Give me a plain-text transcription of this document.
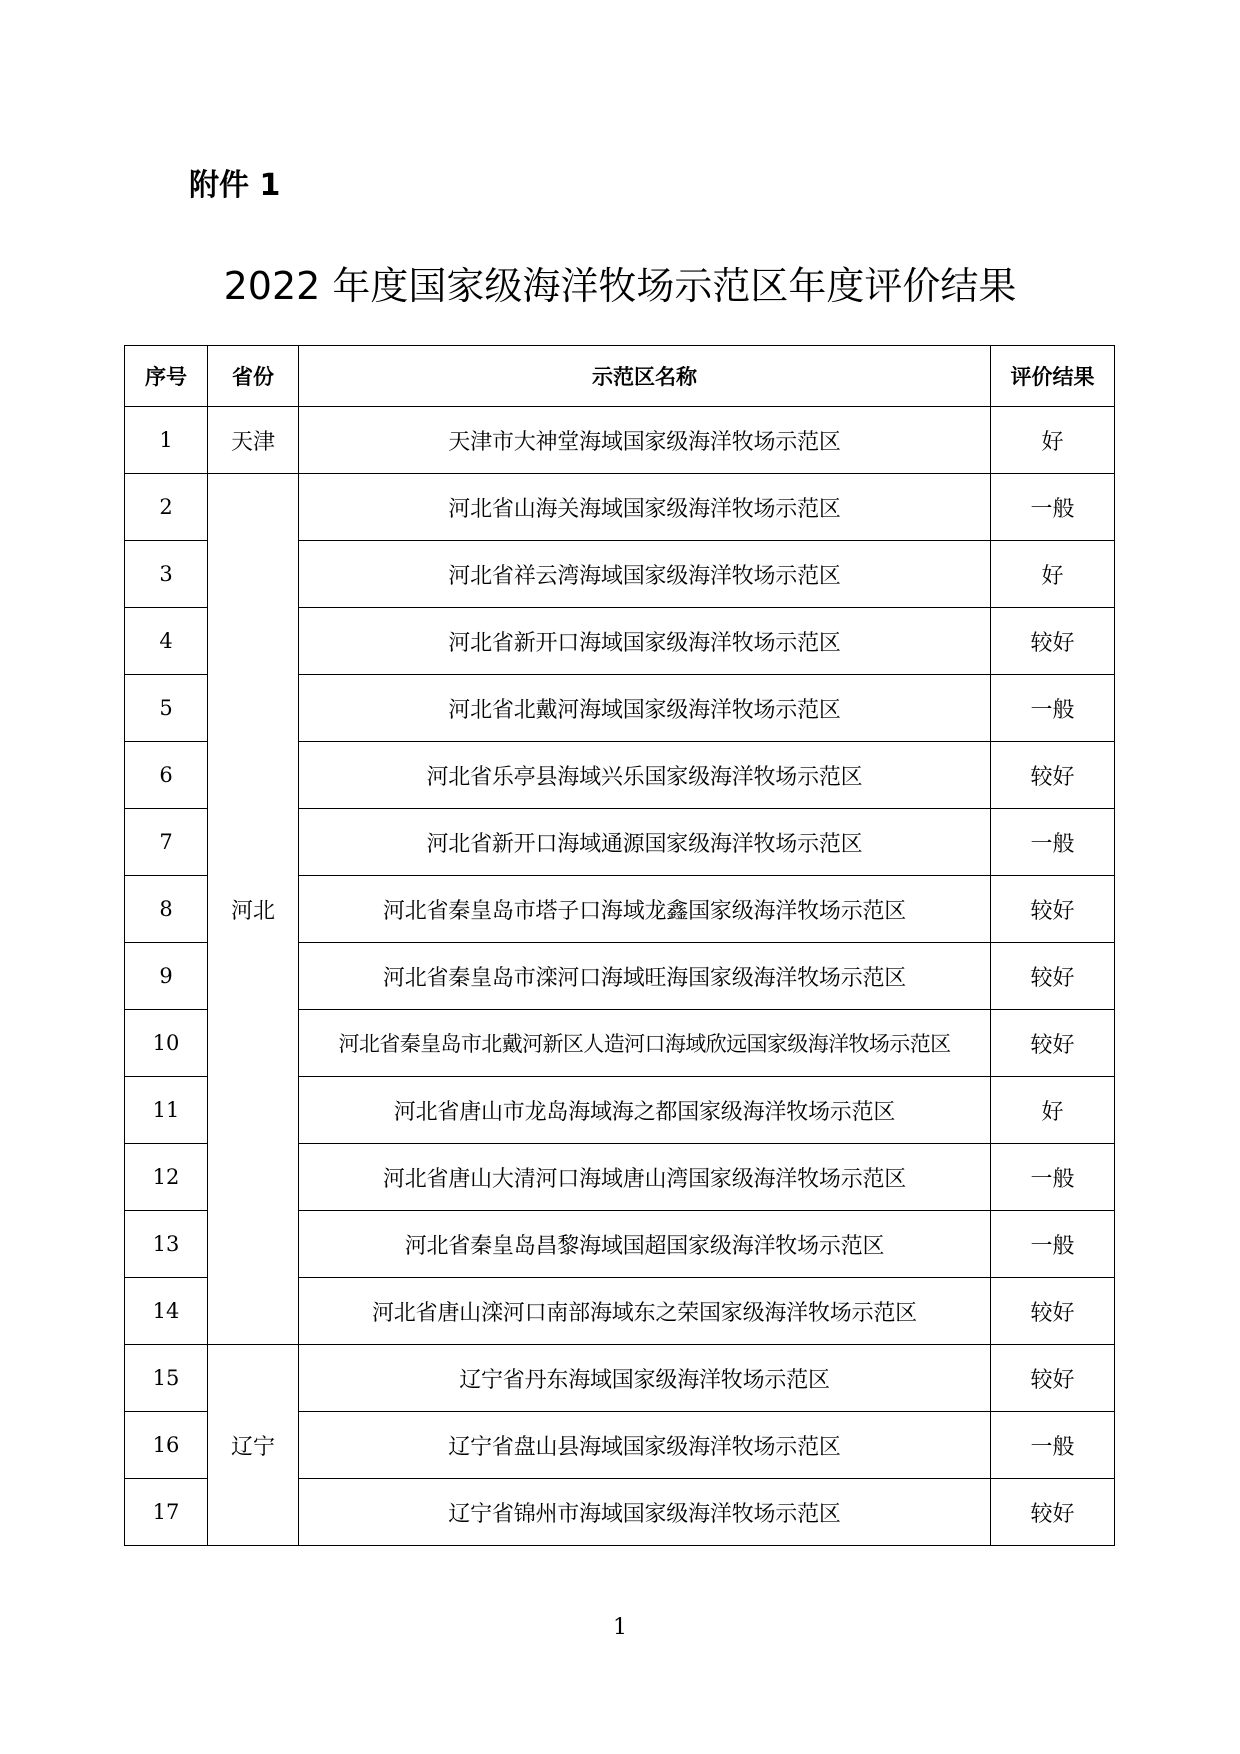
附件 1
2022 年度国家级海洋牧场示范区年度评价结果
序号	省份	示范区名称	评价结果
1	天津	天津市大神堂海域国家级海洋牧场示范区	好
2	河北	河北省山海关海域国家级海洋牧场示范区	一般
3		河北省祥云湾海域国家级海洋牧场示范区	好
4		河北省新开口海域国家级海洋牧场示范区	较好
5		河北省北戴河海域国家级海洋牧场示范区	一般
6		河北省乐亭县海域兴乐国家级海洋牧场示范区	较好
7		河北省新开口海域通源国家级海洋牧场示范区	一般
8		河北省秦皇岛市塔子口海域龙鑫国家级海洋牧场示范区	较好
9		河北省秦皇岛市滦河口海域旺海国家级海洋牧场示范区	较好
10		河北省秦皇岛市北戴河新区人造河口海域欣远国家级海洋牧场示范区	较好
11		河北省唐山市龙岛海域海之都国家级海洋牧场示范区	好
12		河北省唐山大清河口海域唐山湾国家级海洋牧场示范区	一般
13		河北省秦皇岛昌黎海域国超国家级海洋牧场示范区	一般
14		河北省唐山滦河口南部海域东之荣国家级海洋牧场示范区	较好
15	辽宁	辽宁省丹东海域国家级海洋牧场示范区	较好
16		辽宁省盘山县海域国家级海洋牧场示范区	一般
17		辽宁省锦州市海域国家级海洋牧场示范区	较好
1
